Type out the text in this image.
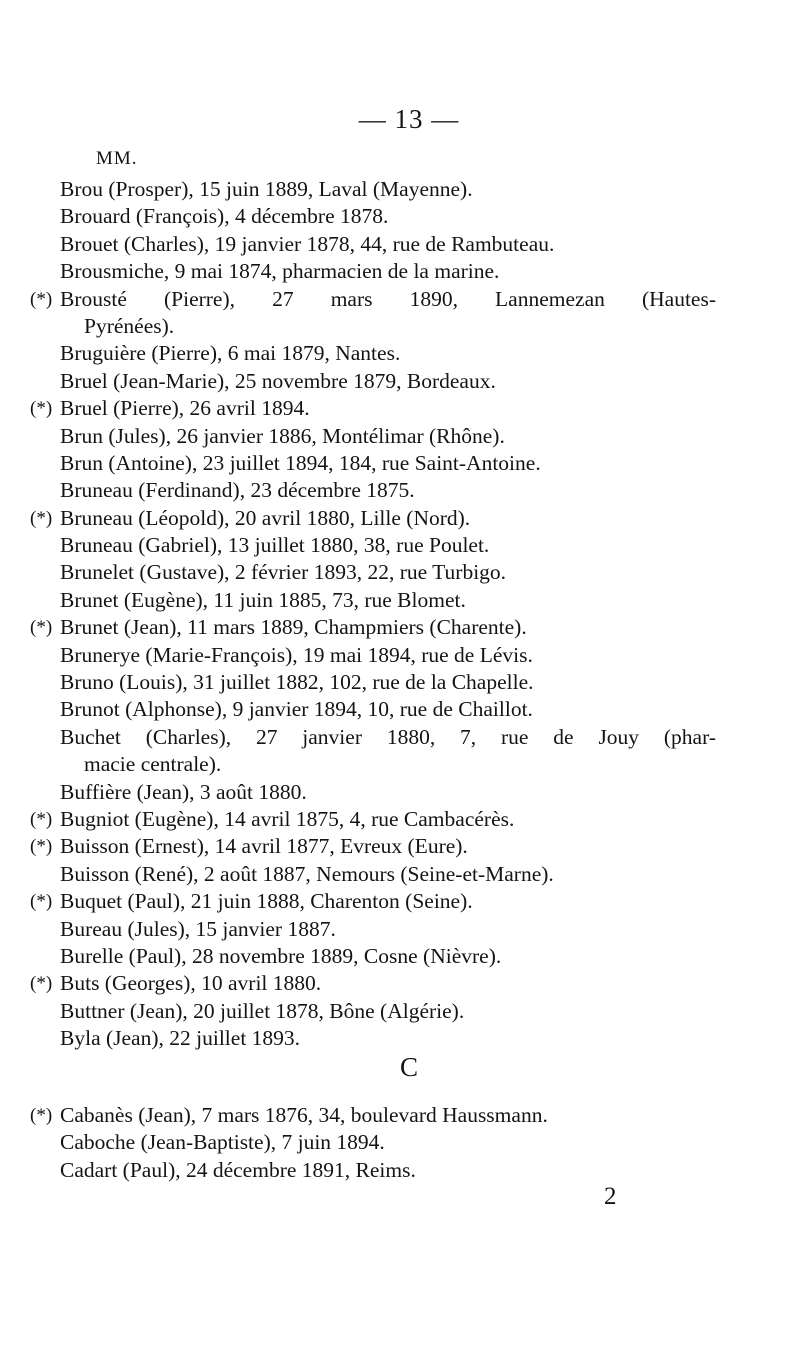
— 13 —
MM.
Brou (Prosper), 15 juin 1889, Laval (Mayenne).
Brouard (François), 4 décembre 1878.
Brouet (Charles), 19 janvier 1878, 44, rue de Rambuteau.
Brousmiche, 9 mai 1874, pharmacien de la marine.
(*) Brousté (Pierre), 27 mars 1890, Lannemezan (Hautes-
Pyrénées).
Bruguière (Pierre), 6 mai 1879, Nantes.
Bruel (Jean-Marie), 25 novembre 1879, Bordeaux.
(*) Bruel (Pierre), 26 avril 1894.
Brun (Jules), 26 janvier 1886, Montélimar (Rhône).
Brun (Antoine), 23 juillet 1894, 184, rue Saint-Antoine.
Bruneau (Ferdinand), 23 décembre 1875.
(*) Bruneau (Léopold), 20 avril 1880, Lille (Nord).
Bruneau (Gabriel), 13 juillet 1880, 38, rue Poulet.
Brunelet (Gustave), 2 février 1893, 22, rue Turbigo.
Brunet (Eugène), 11 juin 1885, 73, rue Blomet.
(*) Brunet (Jean), 11 mars 1889, Champmiers (Charente).
Bruneryе (Marie-François), 19 mai 1894, rue de Lévis.
Bruno (Louis), 31 juillet 1882, 102, rue de la Chapelle.
Brunot (Alphonse), 9 janvier 1894, 10, rue de Chaillot.
Buchet (Charles), 27 janvier 1880, 7, rue de Jouy (phar-
macie centrale).
Buffière (Jean), 3 août 1880.
(*) Bugniot (Eugène), 14 avril 1875, 4, rue Cambacérès.
(*) Buisson (Ernest), 14 avril 1877, Evreux (Eure).
Buisson (René), 2 août 1887, Nemours (Seine-et-Marne).
(*) Buquet (Paul), 21 juin 1888, Charenton (Seine).
Bureau (Jules), 15 janvier 1887.
Burelle (Paul), 28 novembre 1889, Cosne (Nièvre).
(*) Buts (Georges), 10 avril 1880.
Buttner (Jean), 20 juillet 1878, Bône (Algérie).
Byla (Jean), 22 juillet 1893.
C
(*) Cabanès (Jean), 7 mars 1876, 34, boulevard Haussmann.
Caboche (Jean-Baptiste), 7 juin 1894.
Cadart (Paul), 24 décembre 1891, Reims.
2
